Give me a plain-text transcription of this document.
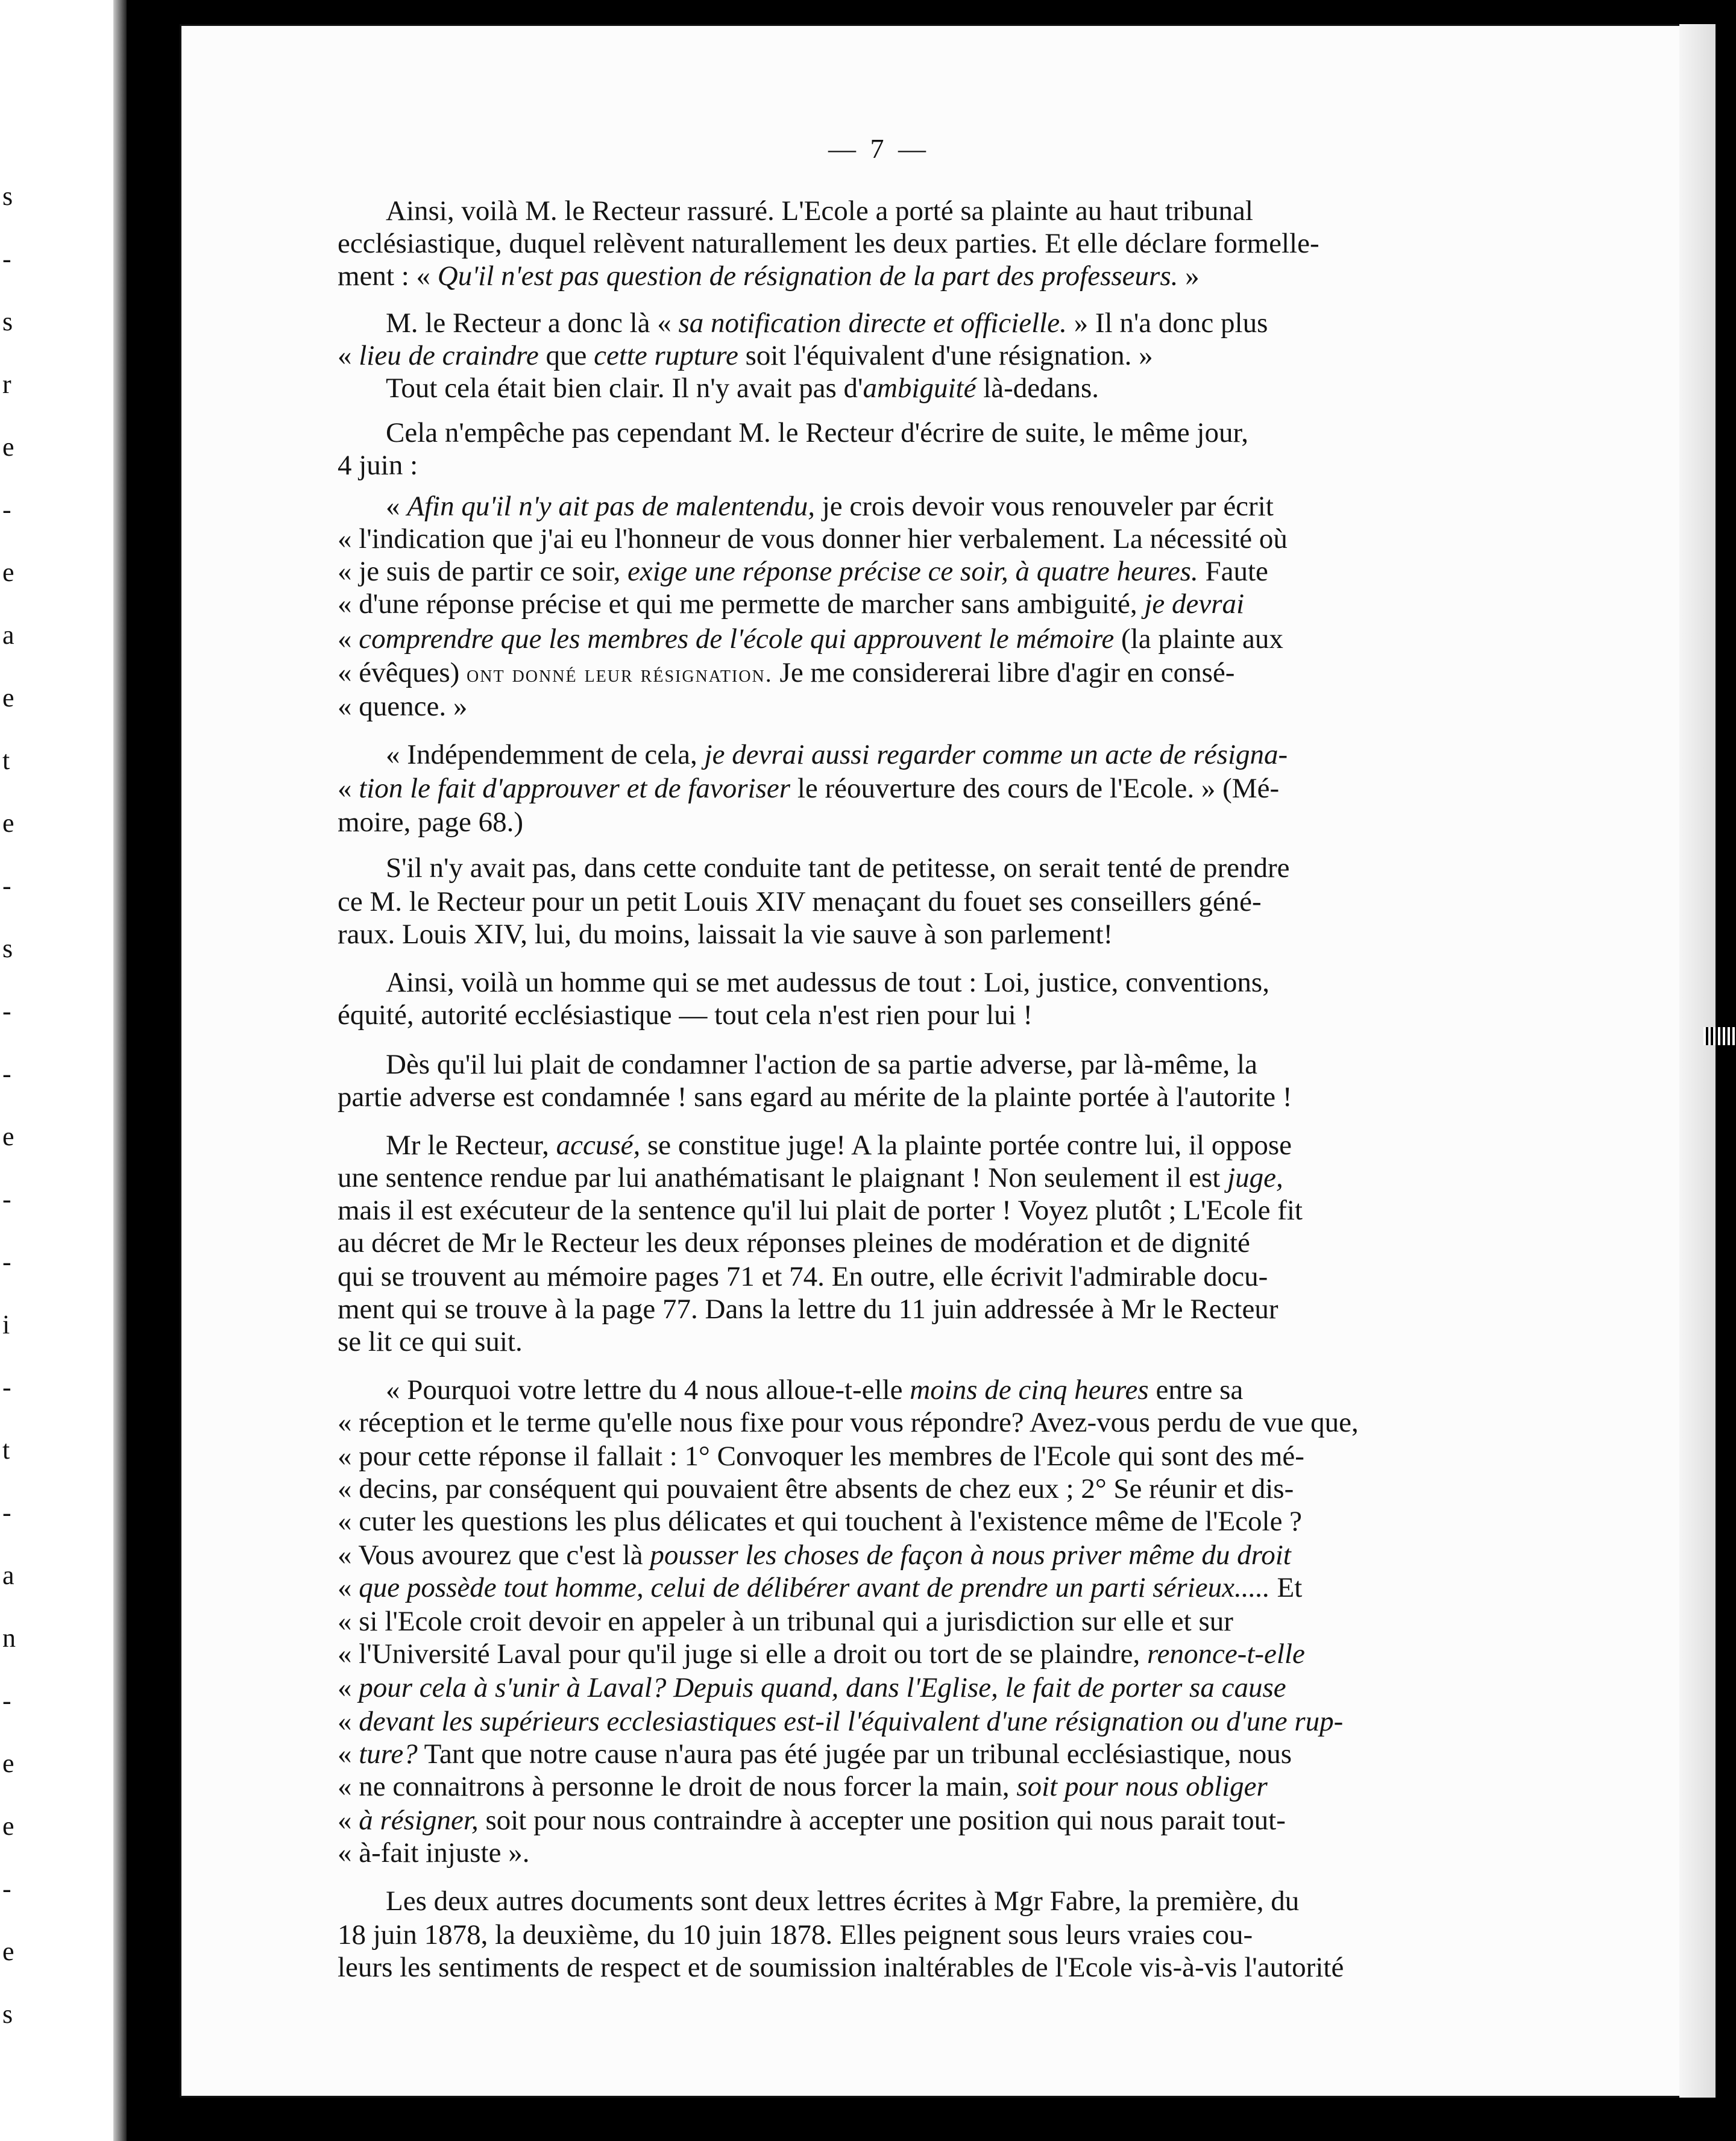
s
-
s
r
e
-
e
a
e
t
e
-
s
-
-
e
-
-
i
-
t
-
a
n
-
e
e
-
e
s
— 7 —
Ainsi, voilà M. le Recteur rassuré. L'Ecole a porté sa plainte au haut tribunal
ecclésiastique, duquel relèvent naturallement les deux parties. Et elle déclare formelle-
ment : « Qu'il n'est pas question de résignation de la part des professeurs. »
M. le Recteur a donc là « sa notification directe et officielle. » Il n'a donc plus
« lieu de craindre que cette rupture soit l'équivalent d'une résignation. »
Tout cela était bien clair. Il n'y avait pas d'ambiguité là-dedans.
Cela n'empêche pas cependant M. le Recteur d'écrire de suite, le même jour,
4 juin :
« Afin qu'il n'y ait pas de malentendu, je crois devoir vous renouveler par écrit
« l'indication que j'ai eu l'honneur de vous donner hier verbalement. La nécessité où
« je suis de partir ce soir, exige une réponse précise ce soir, à quatre heures. Faute
« d'une réponse précise et qui me permette de marcher sans ambiguité, je devrai
« comprendre que les membres de l'école qui approuvent le mémoire (la plainte aux
« évêques) ont donné leur résignation. Je me considererai libre d'agir en consé-
« quence. »
« Indépendemment de cela, je devrai aussi regarder comme un acte de résigna-
« tion le fait d'approuver et de favoriser le réouverture des cours de l'Ecole. » (Mé-
moire, page 68.)
S'il n'y avait pas, dans cette conduite tant de petitesse, on serait tenté de prendre
ce M. le Recteur pour un petit Louis XIV menaçant du fouet ses conseillers géné-
raux. Louis XIV, lui, du moins, laissait la vie sauve à son parlement!
Ainsi, voilà un homme qui se met audessus de tout : Loi, justice, conventions,
équité, autorité ecclésiastique — tout cela n'est rien pour lui !
Dès qu'il lui plait de condamner l'action de sa partie adverse, par là-même, la
partie adverse est condamnée ! sans egard au mérite de la plainte portée à l'autorite !
Mr le Recteur, accusé, se constitue juge! A la plainte portée contre lui, il oppose
une sentence rendue par lui anathématisant le plaignant ! Non seulement il est juge,
mais il est exécuteur de la sentence qu'il lui plait de porter ! Voyez plutôt ; L'Ecole fit
au décret de Mr le Recteur les deux réponses pleines de modération et de dignité
qui se trouvent au mémoire pages 71 et 74. En outre, elle écrivit l'admirable docu-
ment qui se trouve à la page 77. Dans la lettre du 11 juin addressée à Mr le Recteur
se lit ce qui suit.
« Pourquoi votre lettre du 4 nous alloue-t-elle moins de cinq heures entre sa
« réception et le terme qu'elle nous fixe pour vous répondre? Avez-vous perdu de vue que,
« pour cette réponse il fallait : 1° Convoquer les membres de l'Ecole qui sont des mé-
« decins, par conséquent qui pouvaient être absents de chez eux ; 2° Se réunir et dis-
« cuter les questions les plus délicates et qui touchent à l'existence même de l'Ecole ?
« Vous avourez que c'est là pousser les choses de façon à nous priver même du droit
« que possède tout homme, celui de délibérer avant de prendre un parti sérieux..... Et
« si l'Ecole croit devoir en appeler à un tribunal qui a jurisdiction sur elle et sur
« l'Université Laval pour qu'il juge si elle a droit ou tort de se plaindre, renonce-t-elle
« pour cela à s'unir à Laval? Depuis quand, dans l'Eglise, le fait de porter sa cause
« devant les supérieurs ecclesiastiques est-il l'équivalent d'une résignation ou d'une rup-
« ture? Tant que notre cause n'aura pas été jugée par un tribunal ecclésiastique, nous
« ne connaitrons à personne le droit de nous forcer la main, soit pour nous obliger
« à résigner, soit pour nous contraindre à accepter une position qui nous parait tout-
« à-fait injuste ».
Les deux autres documents sont deux lettres écrites à Mgr Fabre, la première, du
18 juin 1878, la deuxième, du 10 juin 1878. Elles peignent sous leurs vraies cou-
leurs les sentiments de respect et de soumission inaltérables de l'Ecole vis-à-vis l'autorité
